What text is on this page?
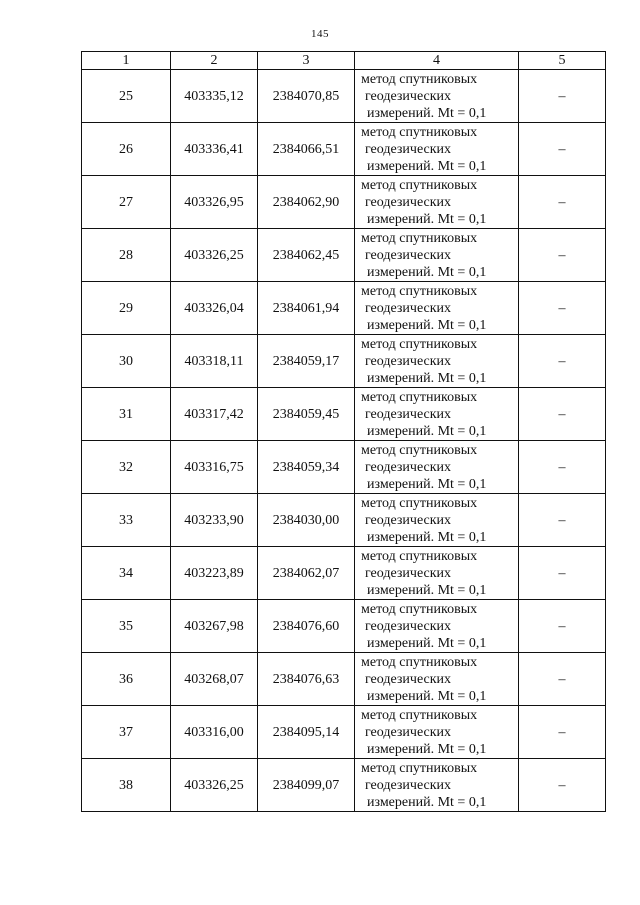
145
1	2	3	4	5
25	403335,12	2384070,85	метод спутниковых
геодезических
измерений. Mt = 0,1	–
26	403336,41	2384066,51	метод спутниковых
геодезических
измерений. Mt = 0,1	–
27	403326,95	2384062,90	метод спутниковых
геодезических
измерений. Mt = 0,1	–
28	403326,25	2384062,45	метод спутниковых
геодезических
измерений. Mt = 0,1	–
29	403326,04	2384061,94	метод спутниковых
геодезических
измерений. Mt = 0,1	–
30	403318,11	2384059,17	метод спутниковых
геодезических
измерений. Mt = 0,1	–
31	403317,42	2384059,45	метод спутниковых
геодезических
измерений. Mt = 0,1	–
32	403316,75	2384059,34	метод спутниковых
геодезических
измерений. Mt = 0,1	–
33	403233,90	2384030,00	метод спутниковых
геодезических
измерений. Mt = 0,1	–
34	403223,89	2384062,07	метод спутниковых
геодезических
измерений. Mt = 0,1	–
35	403267,98	2384076,60	метод спутниковых
геодезических
измерений. Mt = 0,1	–
36	403268,07	2384076,63	метод спутниковых
геодезических
измерений. Mt = 0,1	–
37	403316,00	2384095,14	метод спутниковых
геодезических
измерений. Mt = 0,1	–
38	403326,25	2384099,07	метод спутниковых
геодезических
измерений. Mt = 0,1	–
